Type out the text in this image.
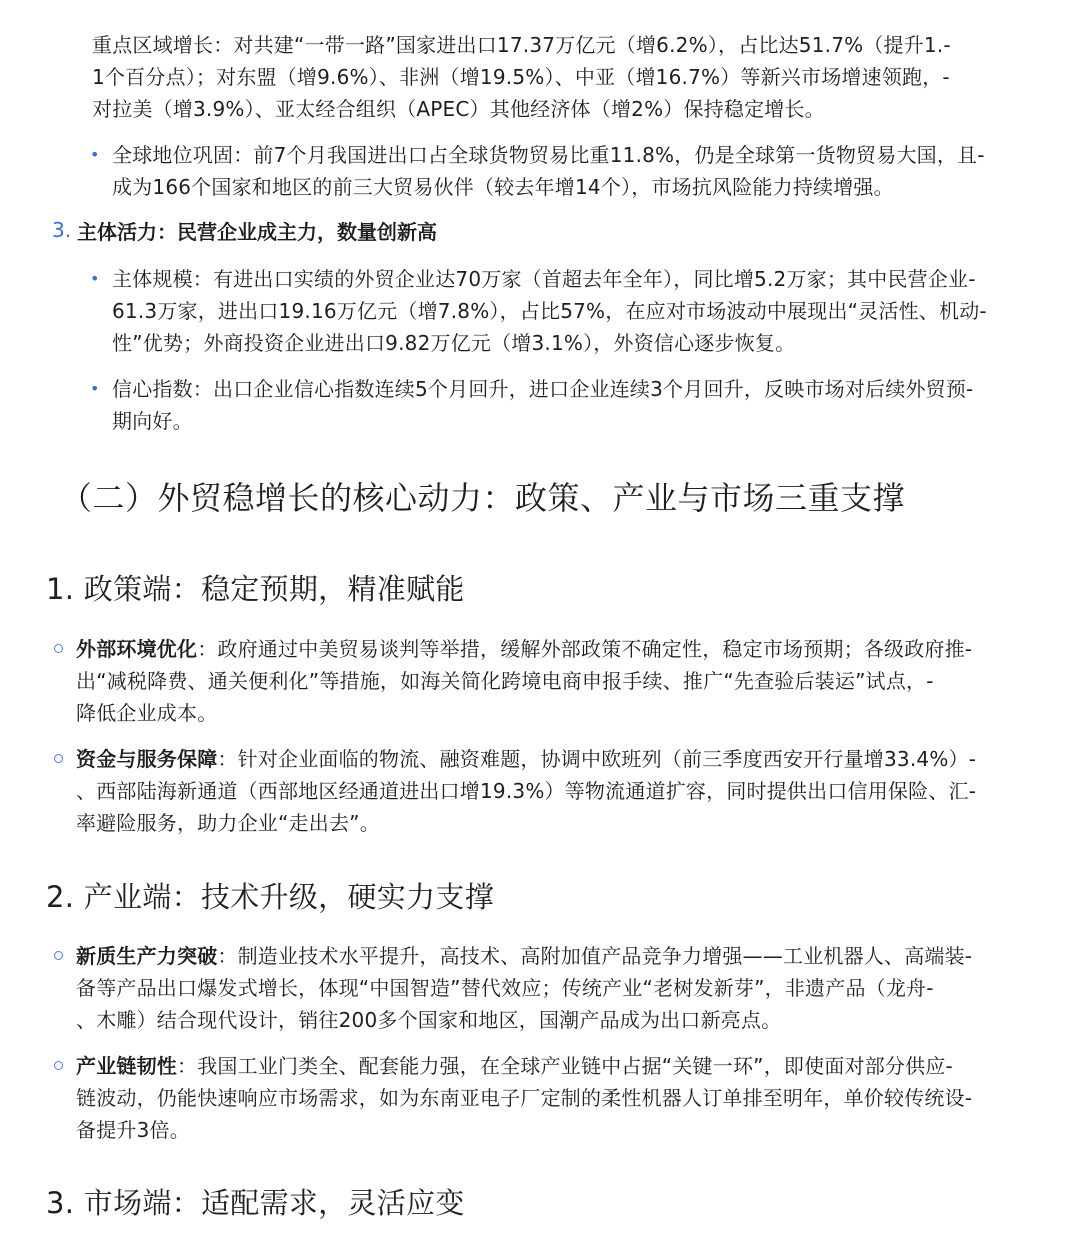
重点区域增长：对共建“一带一路”国家进出口17.37万亿元（增6.2%），占比达51.7%（提升1.-

1个百分点）；对东盟（增9.6%）、非洲（增19.5%）、中亚（增16.7%）等新兴市场增速领跑，-

对拉美（增3.9%）、亚太经合组织（APEC）其他经济体（增2%）保持稳定增长。

• 全球地位巩固：前7个月我国进出口占全球货物贸易比重11.8%，仍是全球第一货物贸易大国，且-

成为166个国家和地区的前三大贸易伙伴（较去年增14个），市场抗风险能力持续增强。

3. 主体活力：民营企业成主力，数量创新高
• 主体规模：有进出口实绩的外贸企业达70万家（首超去年全年），同比增5.2万家；其中民营企业-

61.3万家，进出口19.16万亿元（增7.8%），占比57%，在应对市场波动中展现出“灵活性、机动-

性”优势；外商投资企业进出口9.82万亿元（增3.1%），外资信心逐步恢复。

• 信心指数：出口企业信心指数连续5个月回升，进口企业连续3个月回升，反映市场对后续外贸预-

期向好。

（二）外贸稳增长的核心动力：政策、产业与市场三重支撑
1. 政策端：稳定预期，精准赋能

外部环境优化：政府通过中美贸易谈判等举措，缓解外部政策不确定性，稳定市场预期；各级政府推-

出“减税降费、通关便利化”等措施，如海关简化跨境电商申报手续、推广“先查验后装运”试点，-

降低企业成本。

资金与服务保障：针对企业面临的物流、融资难题，协调中欧班列（前三季度西安开行量增33.4%）-

、西部陆海新通道（西部地区经通道进出口增19.3%）等物流通道扩容，同时提供出口信用保险、汇-

率避险服务，助力企业“走出去”。

2. 产业端：技术升级，硬实力支撑

新质生产力突破：制造业技术水平提升，高技术、高附加值产品竞争力增强——工业机器人、高端装-

备等产品出口爆发式增长，体现“中国智造”替代效应；传统产业“老树发新芽”，非遗产品（龙舟-

、木雕）结合现代设计，销往200多个国家和地区，国潮产品成为出口新亮点。

产业链韧性：我国工业门类全、配套能力强，在全球产业链中占据“关键一环”，即使面对部分供应-

链波动，仍能快速响应市场需求，如为东南亚电子厂定制的柔性机器人订单排至明年，单价较传统设-

备提升3倍。

3. 市场端：适配需求，灵活应变
